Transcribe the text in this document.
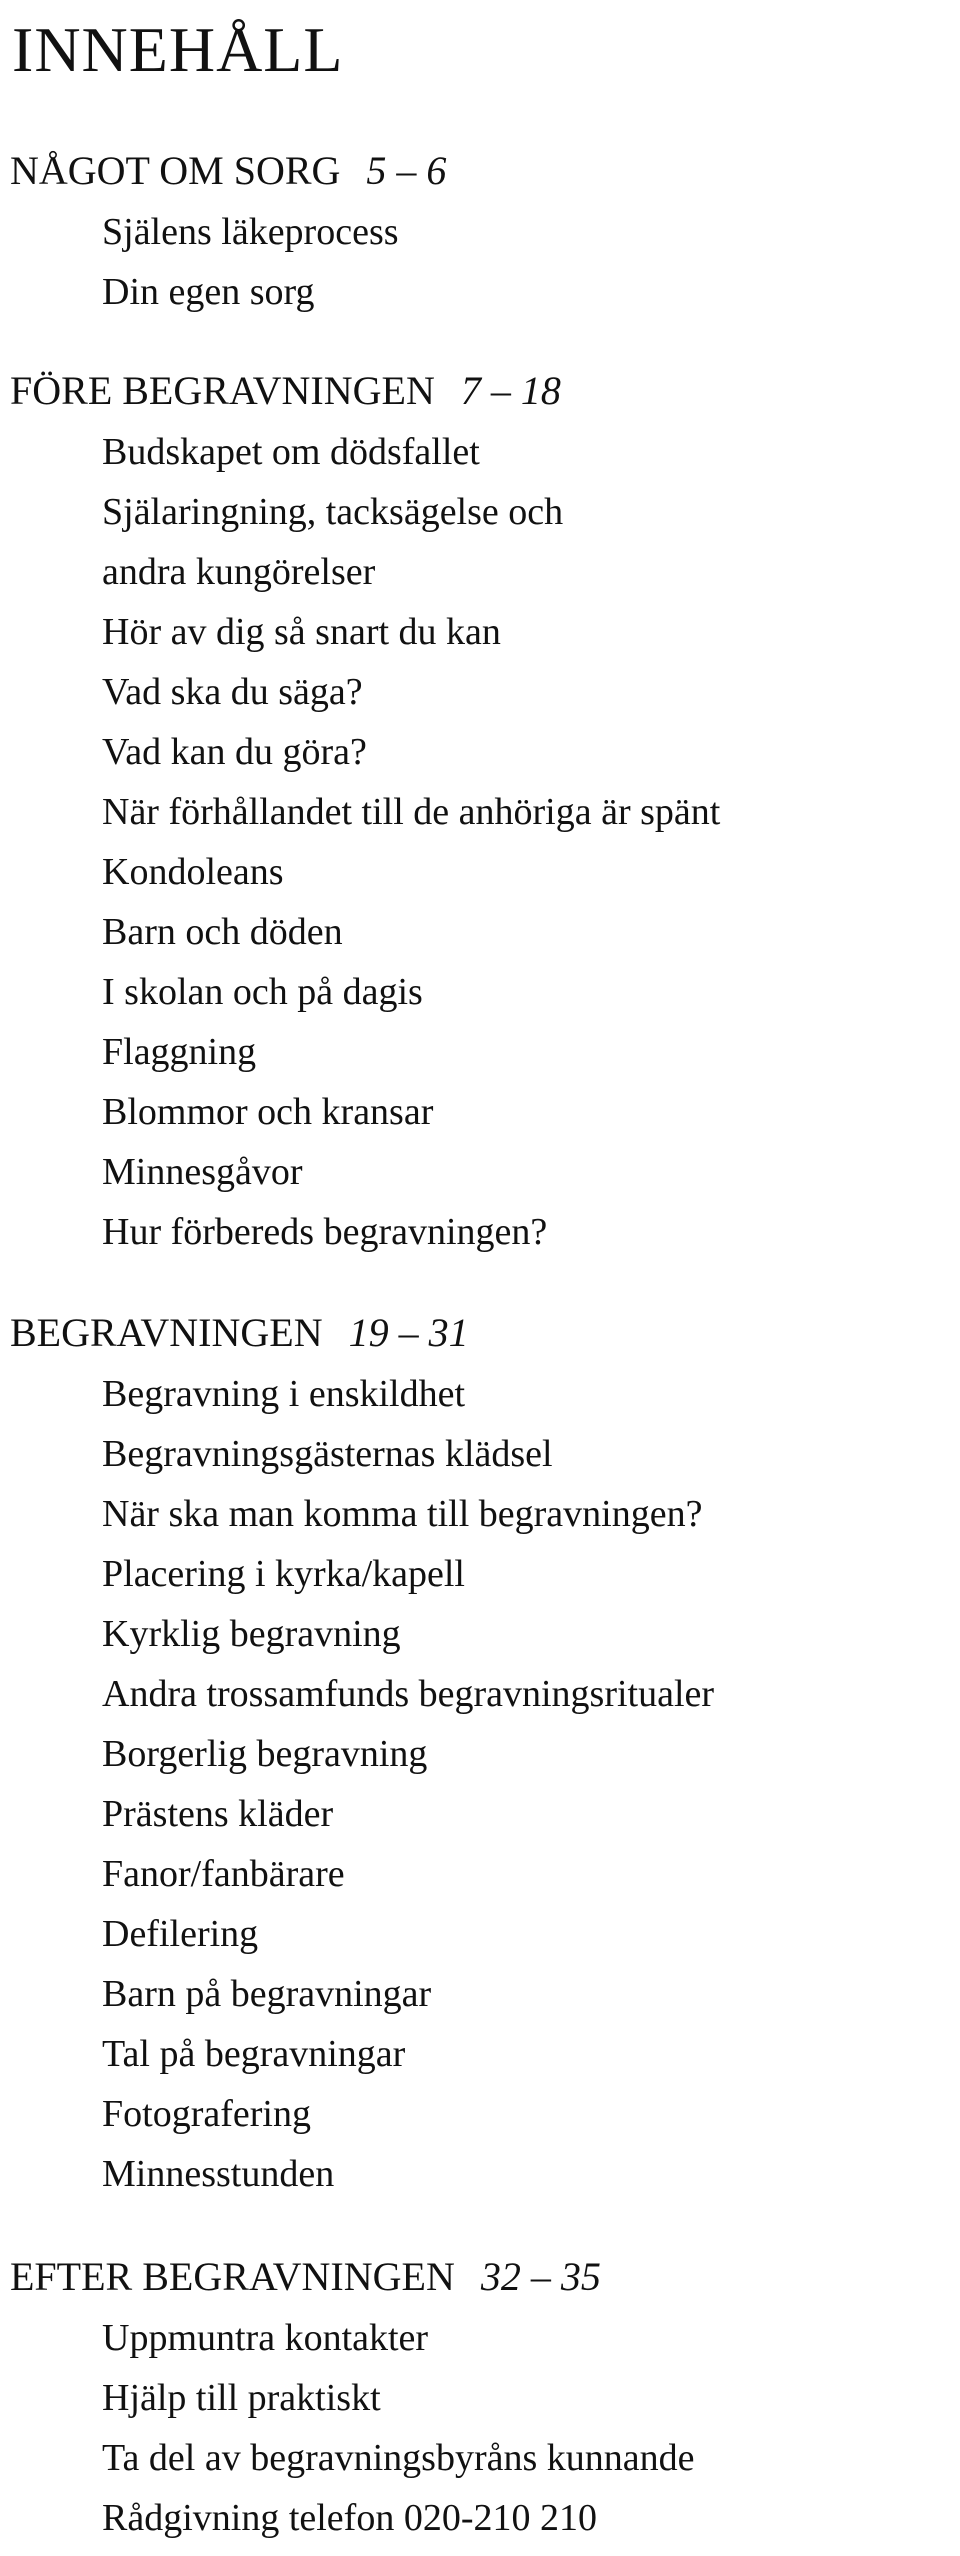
INNEHÅLL
NÅGOT OM SORG 5 – 6
Själens läkeprocess
Din egen sorg
FÖRE BEGRAVNINGEN 7 – 18
Budskapet om dödsfallet
Själaringning, tacksägelse och
andra kungörelser
Hör av dig så snart du kan
Vad ska du säga?
Vad kan du göra?
När förhållandet till de anhöriga är spänt
Kondoleans
Barn och döden
I skolan och på dagis
Flaggning
Blommor och kransar
Minnesgåvor
Hur förbereds begravningen?
BEGRAVNINGEN 19 – 31
Begravning i enskildhet
Begravningsgästernas klädsel
När ska man komma till begravningen?
Placering i kyrka/kapell
Kyrklig begravning
Andra trossamfunds begravningsritualer
Borgerlig begravning
Prästens kläder
Fanor/fanbärare
Defilering
Barn på begravningar
Tal på begravningar
Fotografering
Minnesstunden
EFTER BEGRAVNINGEN 32 – 35
Uppmuntra kontakter
Hjälp till praktiskt
Ta del av begravningsbyråns kunnande
Rådgivning telefon 020-210 210
